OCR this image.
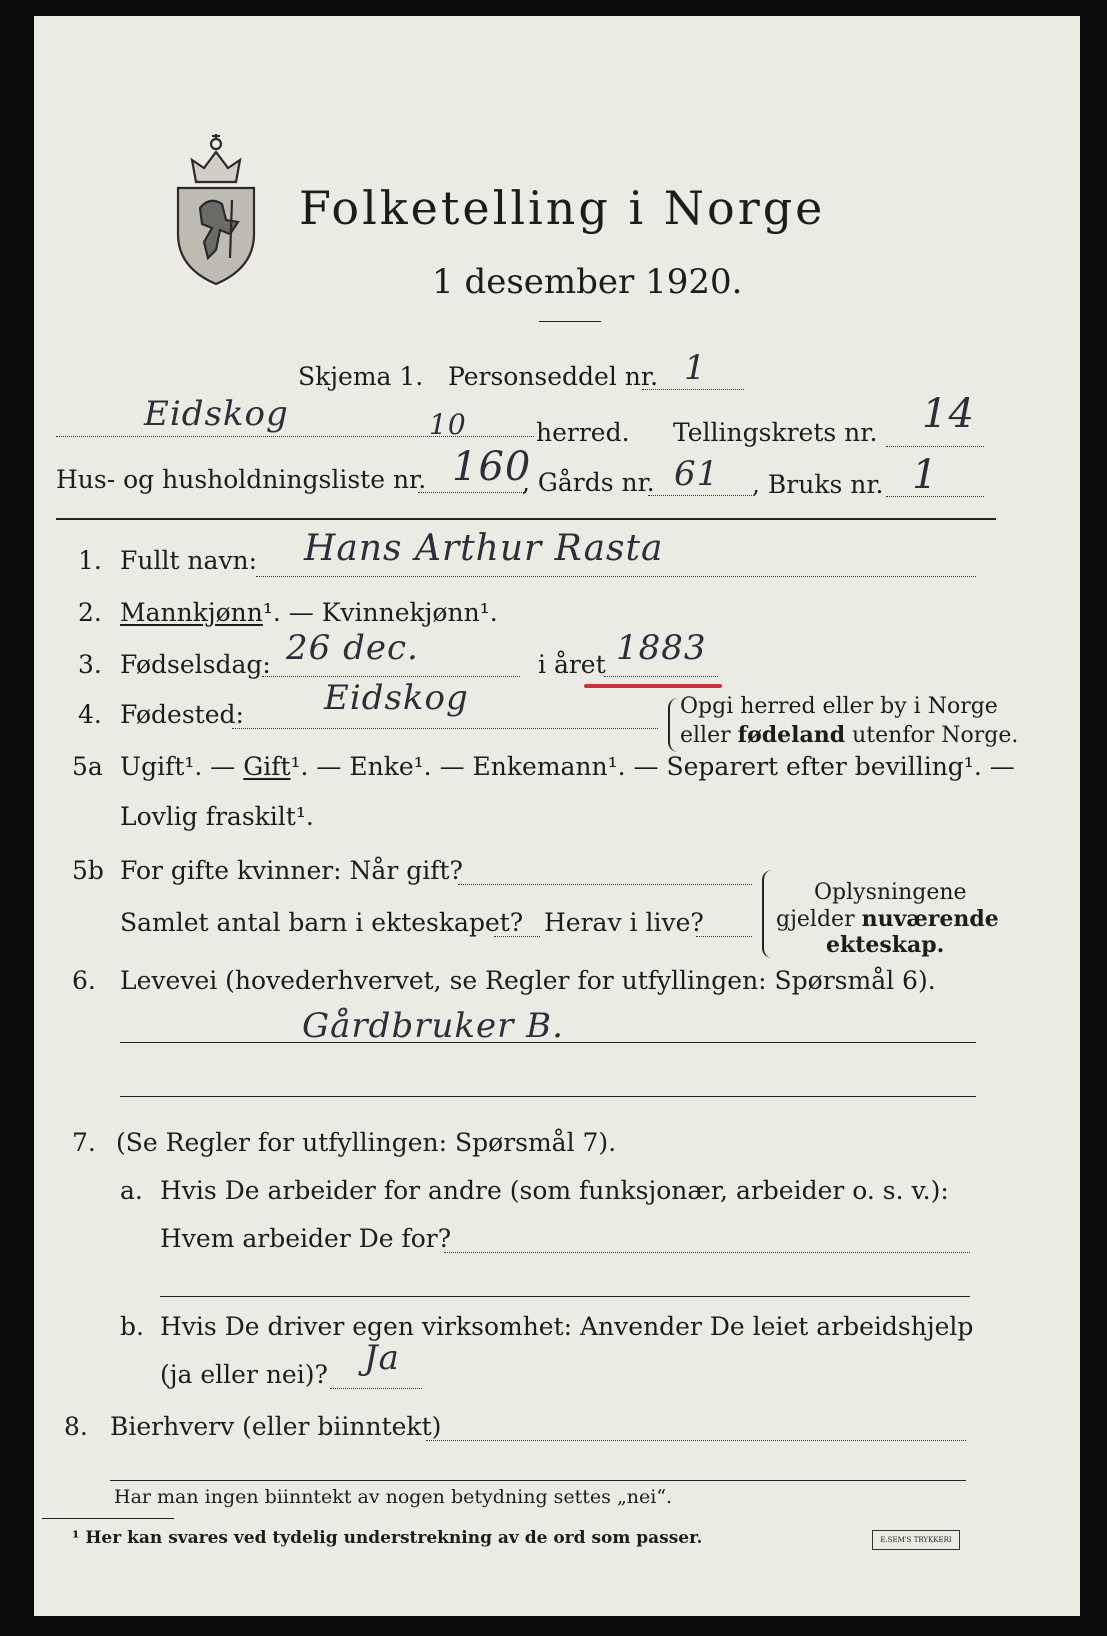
Folketelling i Norge
1 desember 1920.
Skjema 1. Personseddel nr. 1
Eidskog	10	herred. Tellingskrets nr. 14
Hus- og husholdningsliste nr. 160
, Gårds nr. 61 , Bruks nr. 1
1. Fullt navn: Hans Arthur Rasta
2. Mannkjønn¹. — Kvinnekjønn¹.
3. Fødselsdag: 26 dec.	i året 1883
4. Fødested: Eidskog	Opgi herred eller by i Norge
eller fødeland utenfor Norge.
5a Ugift¹. — Gift¹. — Enke¹. — Enkemann¹. — Separert efter bevilling¹. —
Lovlig fraskilt¹.
5b For gifte kvinner: Når gift?
Samlet antal barn i ekteskapet? Herav i live?
Oplysningene
gjelder nuværende
ekteskap.
6. Levevei (hovederhvervet, se Regler for utfyllingen: Spørsmål 6).
Gårdbruker B.
7. (Se Regler for utfyllingen: Spørsmål 7).
a. Hvis De arbeider for andre (som funksjonær, arbeider o. s. v.):
Hvem arbeider De for?
b. Hvis De driver egen virksomhet: Anvender De leiet arbeidshjelp
(ja eller nei)? Ja
8. Bierhverv (eller biinntekt)
Har man ingen biinntekt av nogen betydning settes „nei“.
¹ Her kan svares ved tydelig understrekning av de ord som passer.	E.SEM'S TRYKKERI
